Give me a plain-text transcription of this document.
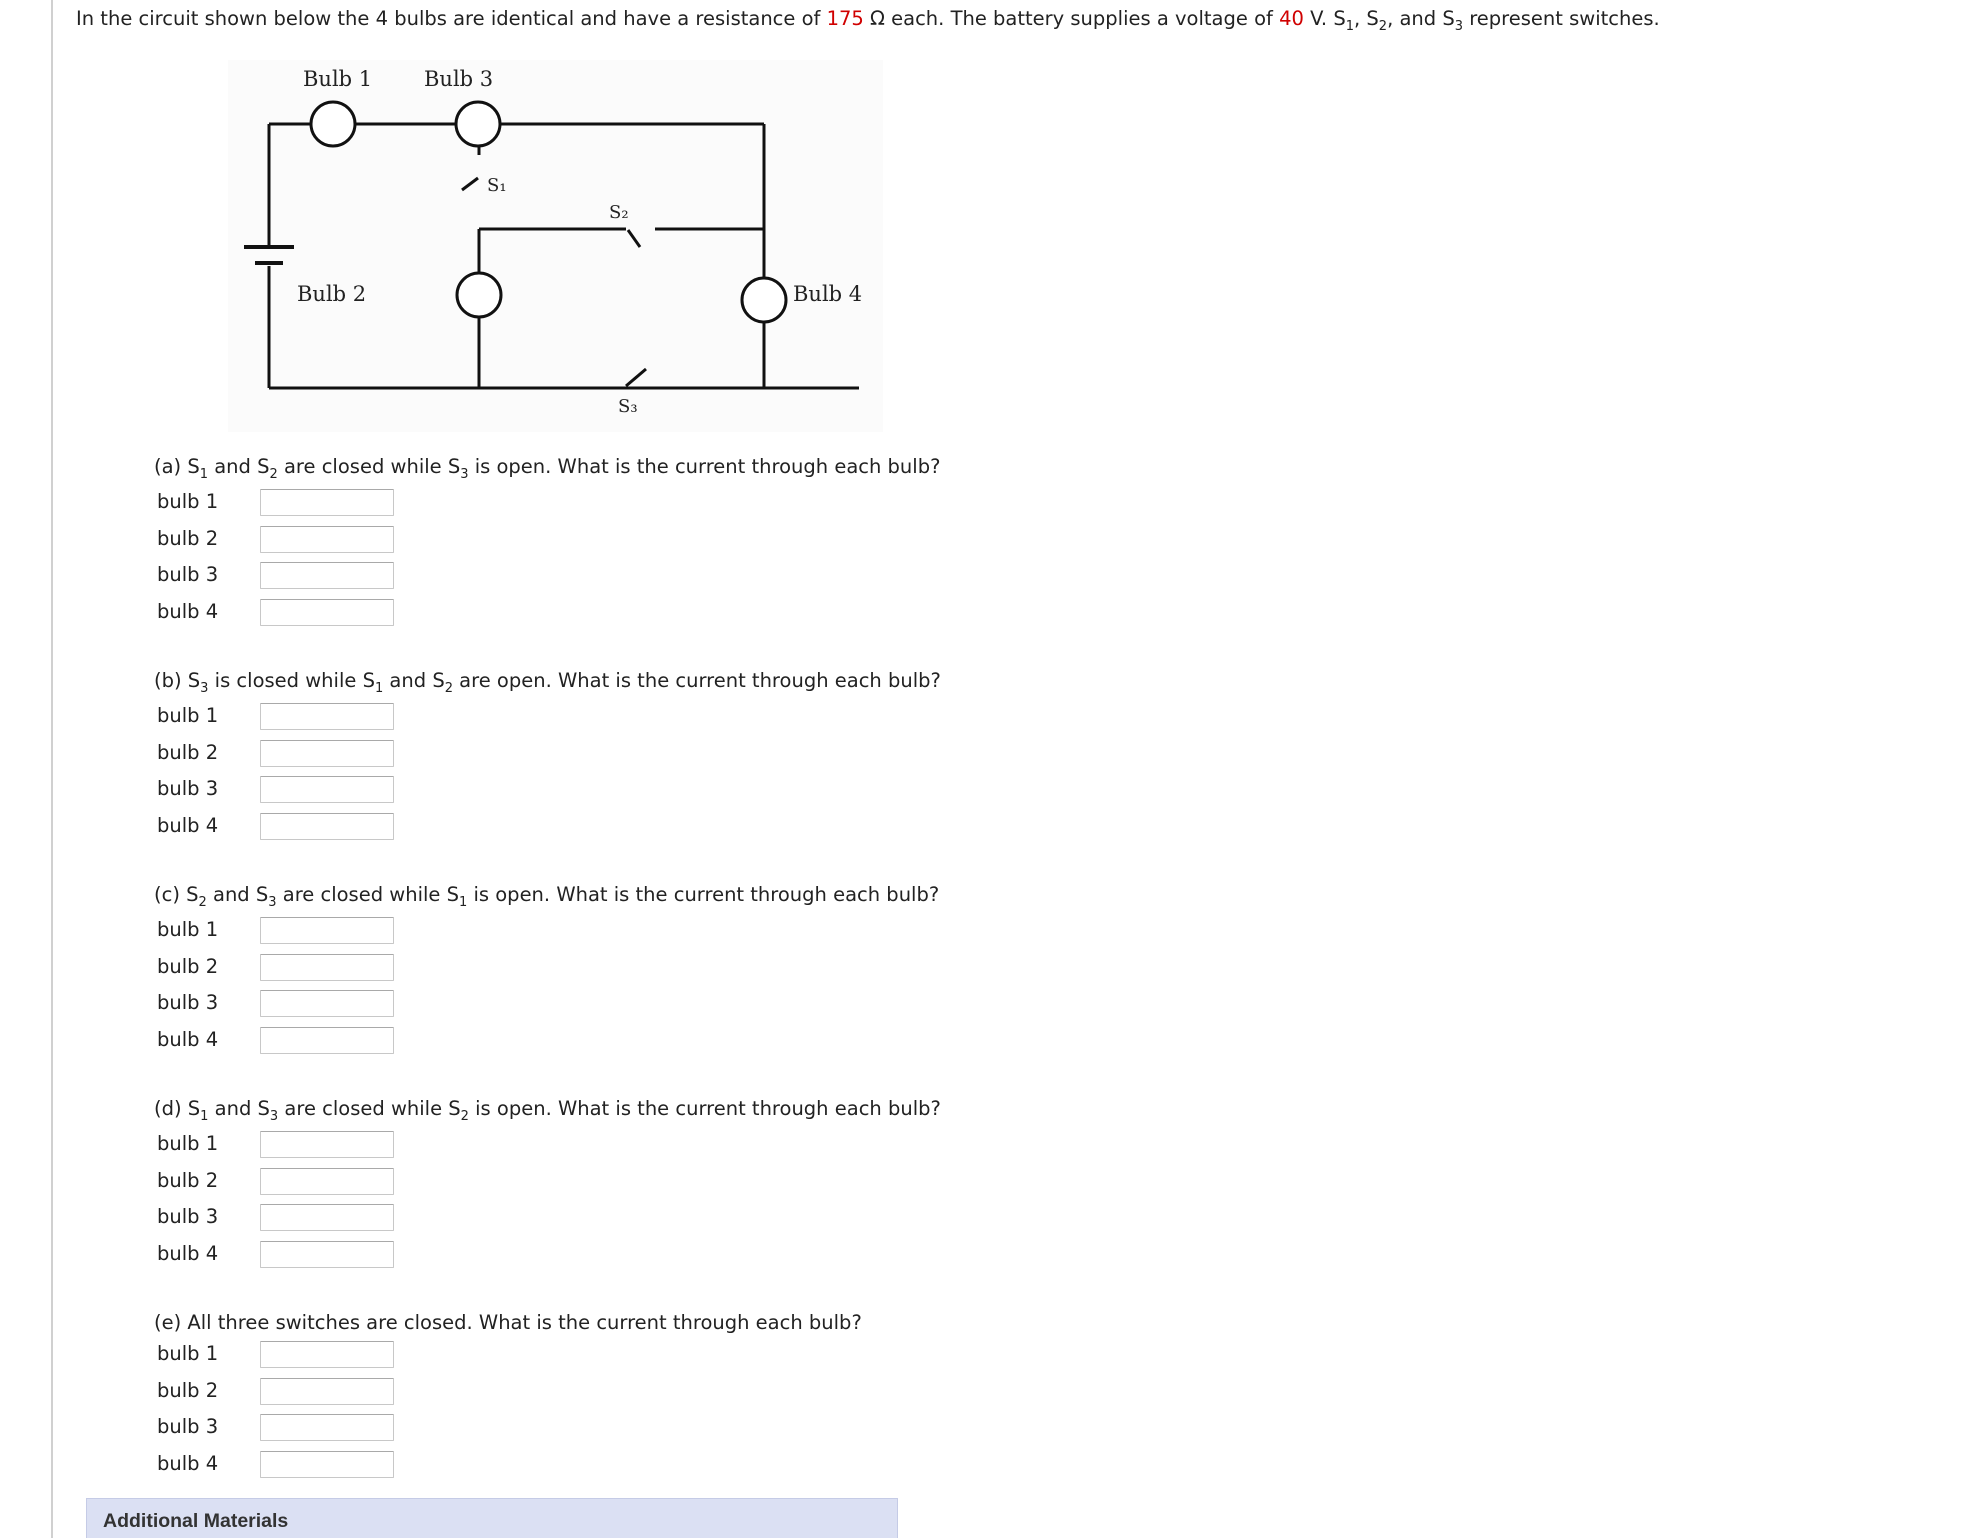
In the circuit shown below the 4 bulbs are identical and have a resistance of 175 Ω each. The battery supplies a voltage of 40 V. $S_1$, $S_2$, and $S_3$ represent switches.
Bulb 1 Bulb 3
Bulb 2	Bulb 4
S₁
S₂
S₃
(a) $S_1$ and $S_2$ are closed while $S_3$ is open. What is the current through each bulb?
bulb 1
bulb 2
bulb 3
bulb 4
(b) $S_3$ is closed while $S_1$ and $S_2$ are open. What is the current through each bulb?
bulb 1
bulb 2
bulb 3
bulb 4
(c) $S_2$ and $S_3$ are closed while $S_1$ is open. What is the current through each bulb?
bulb 1
bulb 2
bulb 3
bulb 4
(d) $S_1$ and $S_3$ are closed while $S_2$ is open. What is the current through each bulb?
bulb 1
bulb 2
bulb 3
bulb 4
(e) All three switches are closed. What is the current through each bulb?
bulb 1
bulb 2
bulb 3
bulb 4
Additional Materials
